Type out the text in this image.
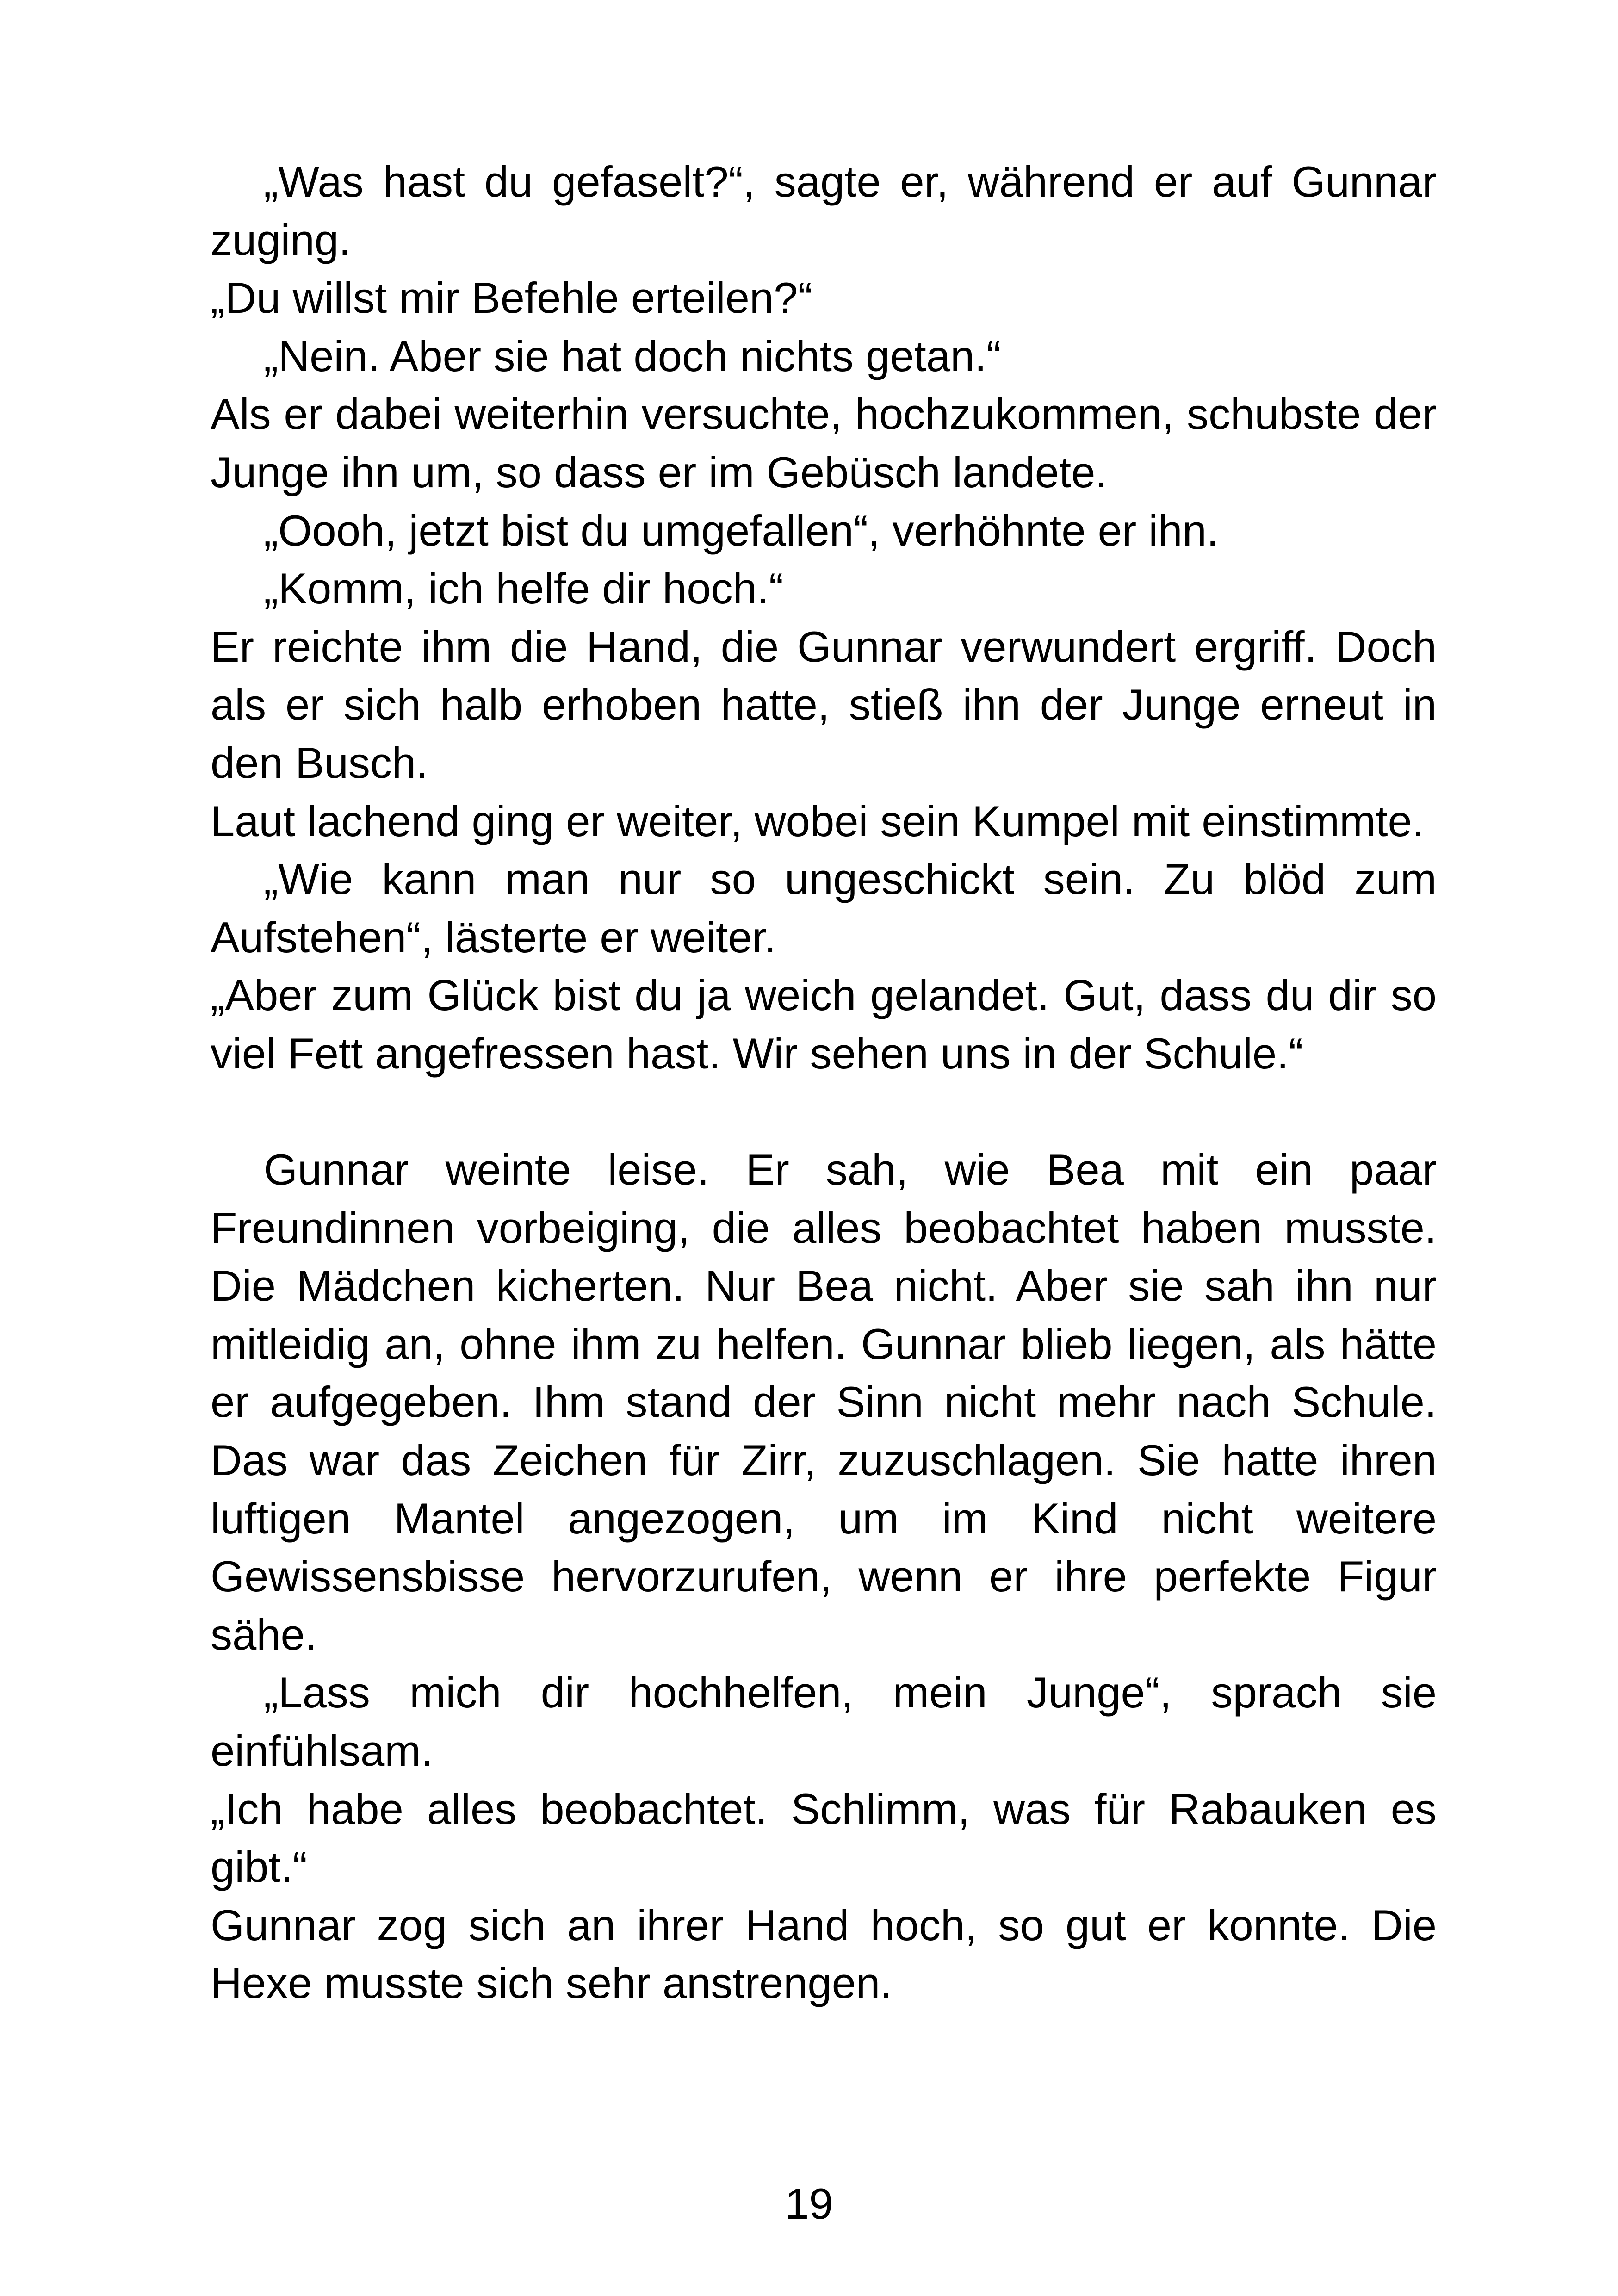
„Was hast du gefaselt?“, sagte er, während er auf Gunnar zuging.

„Du willst mir Befehle erteilen?“

„Nein. Aber sie hat doch nichts getan.“

Als er dabei weiterhin versuchte, hochzukommen, schubste der Junge ihn um, so dass er im Gebüsch landete.

„Oooh, jetzt bist du umgefallen“, verhöhnte er ihn.

„Komm, ich helfe dir hoch.“

Er reichte ihm die Hand, die Gunnar verwundert ergriff. Doch als er sich halb erhoben hatte, stieß ihn der Junge erneut in den Busch.

Laut lachend ging er weiter, wobei sein Kumpel mit einstimmte.

„Wie kann man nur so ungeschickt sein. Zu blöd zum Aufstehen“, lästerte er weiter.

„Aber zum Glück bist du ja weich gelandet. Gut, dass du dir so viel Fett angefressen hast. Wir sehen uns in der Schule.“

Gunnar weinte leise. Er sah, wie Bea mit ein paar Freundinnen vorbeiging, die alles beobachtet haben musste. Die Mädchen kicherten. Nur Bea nicht. Aber sie sah ihn nur mitleidig an, ohne ihm zu helfen. Gunnar blieb liegen, als hätte er aufgegeben. Ihm stand der Sinn nicht mehr nach Schule. Das war das Zeichen für Zirr, zuzuschlagen. Sie hatte ihren luftigen Mantel angezogen, um im Kind nicht weitere Gewissensbisse hervorzurufen, wenn er ihre perfekte Figur sähe.

„Lass mich dir hochhelfen, mein Junge“, sprach sie einfühlsam.

„Ich habe alles beobachtet. Schlimm, was für Rabauken es gibt.“

Gunnar zog sich an ihrer Hand hoch, so gut er konnte. Die Hexe musste sich sehr anstrengen.

19
